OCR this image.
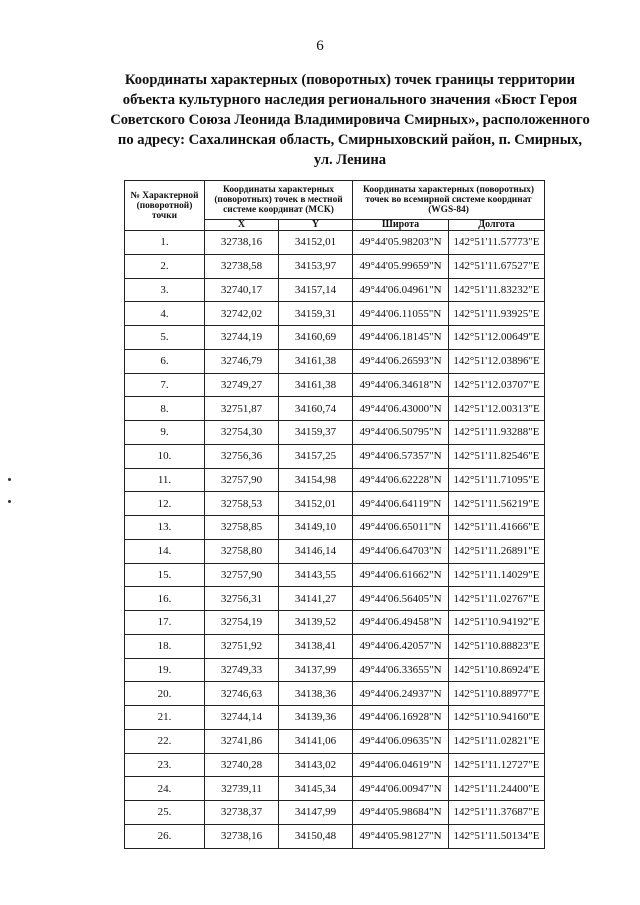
6
Координаты характерных (поворотных) точек границы территории
объекта культурного наследия регионального значения «Бюст Героя
Советского Союза Леонида Владимировича Смирных», расположенного
по адресу: Сахалинская область, Смирныховский район, п. Смирных,
ул. Ленина
№ Характерной (поворотной) точки	Координаты характерных (поворотных) точек в местной системе координат (МСК)		Координаты характерных (поворотных) точек во всемирной системе координат (WGS-84)	
	X	Y	Широта	Долгота
1.	32738,16	34152,01	49°44'05.98203"N	142°51'11.57773"E
2.	32738,58	34153,97	49°44'05.99659"N	142°51'11.67527"E
3.	32740,17	34157,14	49°44'06.04961"N	142°51'11.83232"E
4.	32742,02	34159,31	49°44'06.11055"N	142°51'11.93925"E
5.	32744,19	34160,69	49°44'06.18145"N	142°51'12.00649"E
6.	32746,79	34161,38	49°44'06.26593"N	142°51'12.03896"E
7.	32749,27	34161,38	49°44'06.34618"N	142°51'12.03707"E
8.	32751,87	34160,74	49°44'06.43000"N	142°51'12.00313"E
9.	32754,30	34159,37	49°44'06.50795"N	142°51'11.93288"E
10.	32756,36	34157,25	49°44'06.57357"N	142°51'11.82546"E
11.	32757,90	34154,98	49°44'06.62228"N	142°51'11.71095"E
12.	32758,53	34152,01	49°44'06.64119"N	142°51'11.56219"E
13.	32758,85	34149,10	49°44'06.65011"N	142°51'11.41666"E
14.	32758,80	34146,14	49°44'06.64703"N	142°51'11.26891"E
15.	32757,90	34143,55	49°44'06.61662"N	142°51'11.14029"E
16.	32756,31	34141,27	49°44'06.56405"N	142°51'11.02767"E
17.	32754,19	34139,52	49°44'06.49458"N	142°51'10.94192"E
18.	32751,92	34138,41	49°44'06.42057"N	142°51'10.88823"E
19.	32749,33	34137,99	49°44'06.33655"N	142°51'10.86924"E
20.	32746,63	34138,36	49°44'06.24937"N	142°51'10.88977"E
21.	32744,14	34139,36	49°44'06.16928"N	142°51'10.94160"E
22.	32741,86	34141,06	49°44'06.09635"N	142°51'11.02821"E
23.	32740,28	34143,02	49°44'06.04619"N	142°51'11.12727"E
24.	32739,11	34145,34	49°44'06.00947"N	142°51'11.24400"E
25.	32738,37	34147,99	49°44'05.98684"N	142°51'11.37687"E
26.	32738,16	34150,48	49°44'05.98127"N	142°51'11.50134"E
